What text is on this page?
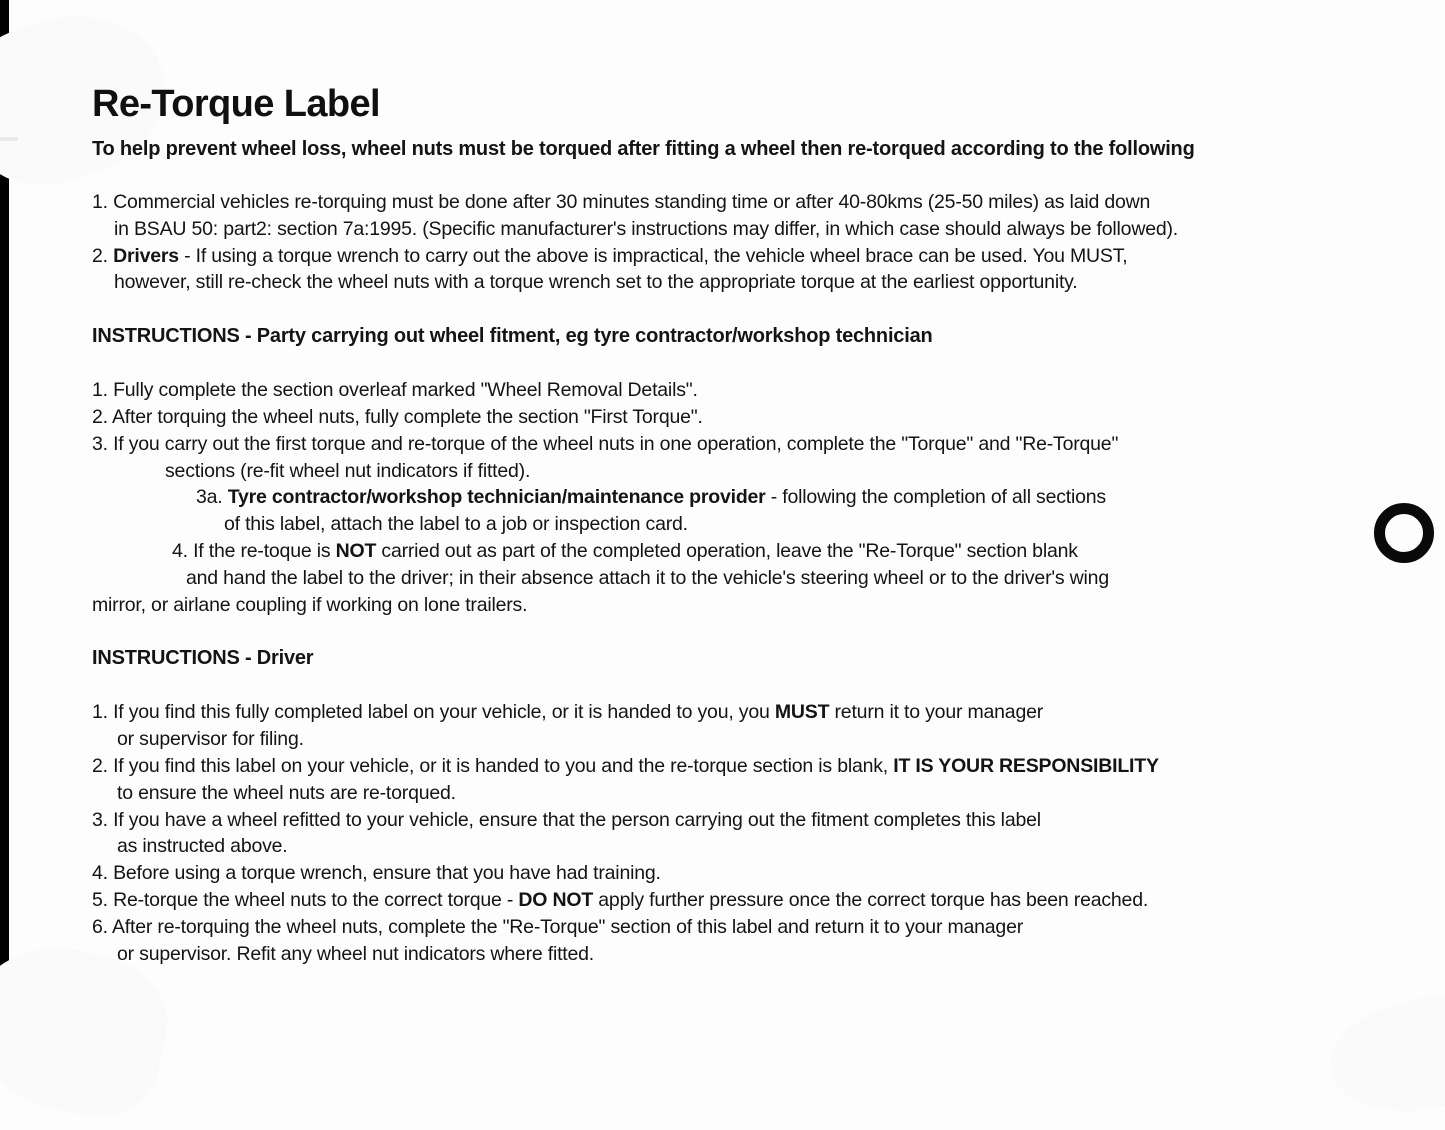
Re-Torque Label

To help prevent wheel loss, wheel nuts must be torqued after fitting a wheel then re-torqued according to the following

1. Commercial vehicles re-torquing must be done after 30 minutes standing time or after 40-80kms (25-50 miles) as laid down
in BSAU 50: part2: section 7a:1995. (Specific manufacturer's instructions may differ, in which case should always be followed).
2. Drivers - If using a torque wrench to carry out the above is impractical, the vehicle wheel brace can be used. You MUST,
however, still re-check the wheel nuts with a torque wrench set to the appropriate torque at the earliest opportunity.

INSTRUCTIONS - Party carrying out wheel fitment, eg tyre contractor/workshop technician

1. Fully complete the section overleaf marked "Wheel Removal Details".
2. After torquing the wheel nuts, fully complete the section "First Torque".
3. If you carry out the first torque and re-torque of the wheel nuts in one operation, complete the "Torque" and "Re-Torque"
sections (re-fit wheel nut indicators if fitted).
3a. Tyre contractor/workshop technician/maintenance provider - following the completion of all sections
of this label, attach the label to a job or inspection card.
4. If the re-toque is NOT carried out as part of the completed operation, leave the "Re-Torque" section blank
and hand the label to the driver; in their absence attach it to the vehicle's steering wheel or to the driver's wing
mirror, or airlane coupling if working on lone trailers.

INSTRUCTIONS - Driver

1. If you find this fully completed label on your vehicle, or it is handed to you, you MUST return it to your manager
or supervisor for filing.
2. If you find this label on your vehicle, or it is handed to you and the re-torque section is blank, IT IS YOUR RESPONSIBILITY
to ensure the wheel nuts are re-torqued.
3. If you have a wheel refitted to your vehicle, ensure that the person carrying out the fitment completes this label
as instructed above.
4. Before using a torque wrench, ensure that you have had training.
5. Re-torque the wheel nuts to the correct torque - DO NOT apply further pressure once the correct torque has been reached.
6. After re-torquing the wheel nuts, complete the "Re-Torque" section of this label and return it to your manager
or supervisor. Refit any wheel nut indicators where fitted.
